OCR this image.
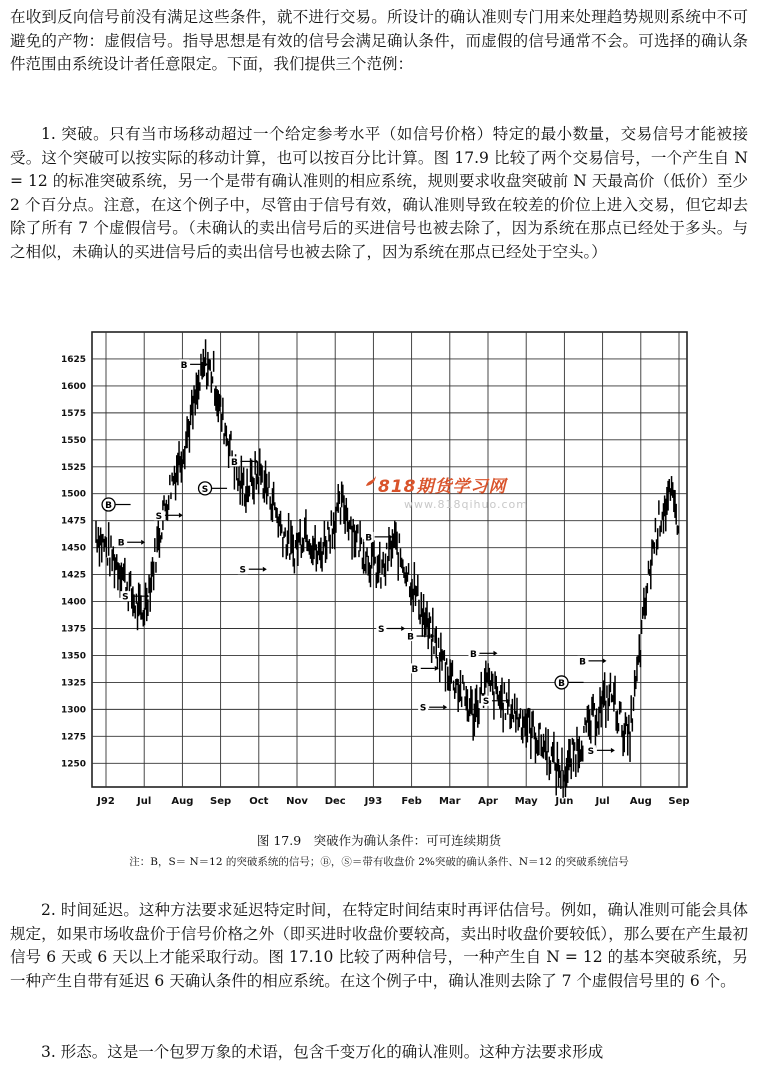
在收到反向信号前没有满足这些条件，就不进行交易。所设计的确认准则专门用来处理趋势规则系统中不可避免的产物：虚假信号。指导思想是有效的信号会满足确认条件，而虚假的信号通常不会。可选择的确认条件范围由系统设计者任意限定。下面，我们提供三个范例：

1. 突破。只有当市场移动超过一个给定参考水平（如信号价格）特定的最小数量，交易信号才能被接受。这个突破可以按实际的移动计算，也可以按百分比计算。图 17.9 比较了两个交易信号，一个产生自 N = 12 的标准突破系统，另一个是带有确认准则的相应系统，规则要求收盘突破前 N 天最高价（低价）至少 2 个百分点。注意，在这个例子中，尽管由于信号有效，确认准则导致在较差的价位上进入交易，但它却去除了所有 7 个虚假信号。（未确认的卖出信号后的买进信号也被去除了，因为系统在那点已经处于多头。与之相似，未确认的买进信号后的卖出信号也被去除了，因为系统在那点已经处于空头。）

1625
1600
1575
1550
1525
1500
1475
1450
1425
1400
1375
1350
1325
1300
1275
1250
J92 Jul Aug Sep Oct Nov Dec J93 Feb Mar Apr May Jun Jul Aug Sep
B
B
B
S
S
S
B
S
B
S
B
B
S
B
S
B
B
S
818期货学习网
www.818qihuo.com

图 17.9　突破作为确认条件：可可连续期货

注：B，S＝ N＝12 的突破系统的信号；Ⓑ，Ⓢ＝带有收盘价 2%突破的确认条件、N＝12 的突破系统信号

2. 时间延迟。这种方法要求延迟特定时间，在特定时间结束时再评估信号。例如，确认准则可能会具体规定，如果市场收盘价于信号价格之外（即买进时收盘价要较高，卖出时收盘价要较低），那么要在产生最初信号 6 天或 6 天以上才能采取行动。图 17.10 比较了两种信号，一种产生自 N = 12 的基本突破系统，另一种产生自带有延迟 6 天确认条件的相应系统。在这个例子中，确认准则去除了 7 个虚假信号里的 6 个。

3. 形态。这是一个包罗万象的术语，包含千变万化的确认准则。这种方法要求形成
